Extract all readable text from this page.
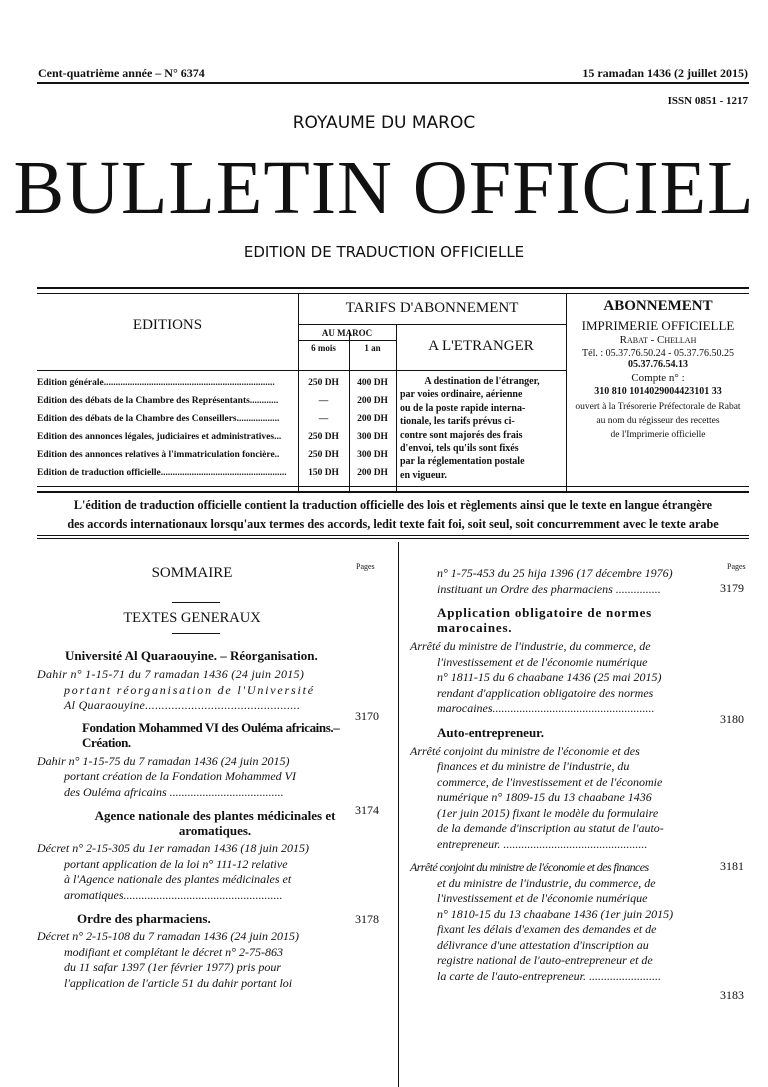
Cent-quatrième année – N° 6374	15 ramadan 1436 (2 juillet 2015)
ISSN 0851 - 1217
ROYAUME DU MAROC
BULLETIN OFFICIEL
EDITION DE TRADUCTION OFFICIELLE
EDITIONS
TARIFS D'ABONNEMENT
AU MAROC
6 mois	1 an	A L'ETRANGER
Edition générale........................................................................	250 DH	400 DH
Edition des débats de la Chambre des Représentants............	—	200 DH
Edition des débats de la Chambre des Conseillers..................	—	200 DH
Edition des annonces légales, judiciaires et administratives...	250 DH	300 DH
Edition des annonces relatives à l'immatriculation foncière..	250 DH	300 DH
Edition de traduction officielle.....................................................	150 DH	200 DH
A destination de l'étranger,
par voies ordinaire, aérienne
ou de la poste rapide interna-
tionale, les tarifs prévus ci-
contre sont majorés des frais
d'envoi, tels qu'ils sont fixés
par la réglementation postale
en vigueur.
ABONNEMENT
IMPRIMERIE OFFICIELLE
Rabat - Chellah
Tél. : 05.37.76.50.24 - 05.37.76.50.25
05.37.76.54.13
Compte n° :
310 810 1014029004423101 33
ouvert à la Trésorerie Préfectorale de Rabat
au nom du régisseur des recettes
de l'Imprimerie officielle
L'édition de traduction officielle contient la traduction officielle des lois et règlements ainsi que le texte en langue étrangère
des accords internationaux lorsqu'aux termes des accords, ledit texte fait foi, soit seul, soit concurremment avec le texte arabe
Pages
SOMMAIRE
TEXTES GENERAUX
Université Al Quaraouyine. – Réorganisation.
Dahir n° 1-15-71 du 7 ramadan 1436 (24 juin 2015)
portant réorganisation de l'Université
Al Quaraouyine...............................................
3170
Fondation Mohammed VI des Ouléma africains.– Création.
Dahir n° 1-15-75 du 7 ramadan 1436 (24 juin 2015)
portant création de la Fondation Mohammed VI
des Ouléma africains ......................................
3174
Agence nationale des plantes médicinales et aromatiques.
Décret n° 2-15-305 du 1er ramadan 1436 (18 juin 2015)
portant application de la loi n° 111-12 relative
à l'Agence nationale des plantes médicinales et
aromatiques.....................................................
3178
Ordre des pharmaciens.
Décret n° 2-15-108 du 7 ramadan 1436 (24 juin 2015)
modifiant et complétant le décret n° 2-75-863
du 11 safar 1397 (1er février 1977) pris pour
l'application de l'article 51 du dahir portant loi
Pages
n° 1-75-453 du 25 hija 1396 (17 décembre 1976)
instituant un Ordre des pharmaciens ...............	3179
Application obligatoire de normes marocaines.
Arrêté du ministre de l'industrie, du commerce, de
l'investissement et de l'économie numérique
n° 1811-15 du 6 chaabane 1436 (25 mai 2015)
rendant d'application obligatoire des normes
marocaines......................................................
3180
Auto-entrepreneur.
Arrêté conjoint du ministre de l'économie et des
finances et du ministre de l'industrie, du
commerce, de l'investissement et de l'économie
numérique n° 1809-15 du 13 chaabane 1436
(1er juin 2015) fixant le modèle du formulaire
de la demande d'inscription au statut de l'auto-
entrepreneur. ................................................
3181
Arrêté conjoint du ministre de l'économie et des finances
et du ministre de l'industrie, du commerce, de
l'investissement et de l'économie numérique
n° 1810-15 du 13 chaabane 1436 (1er juin 2015)
fixant les délais d'examen des demandes et de
délivrance d'une attestation d'inscription au
registre national de l'auto-entrepreneur et de
la carte de l'auto-entrepreneur. ........................
3183
